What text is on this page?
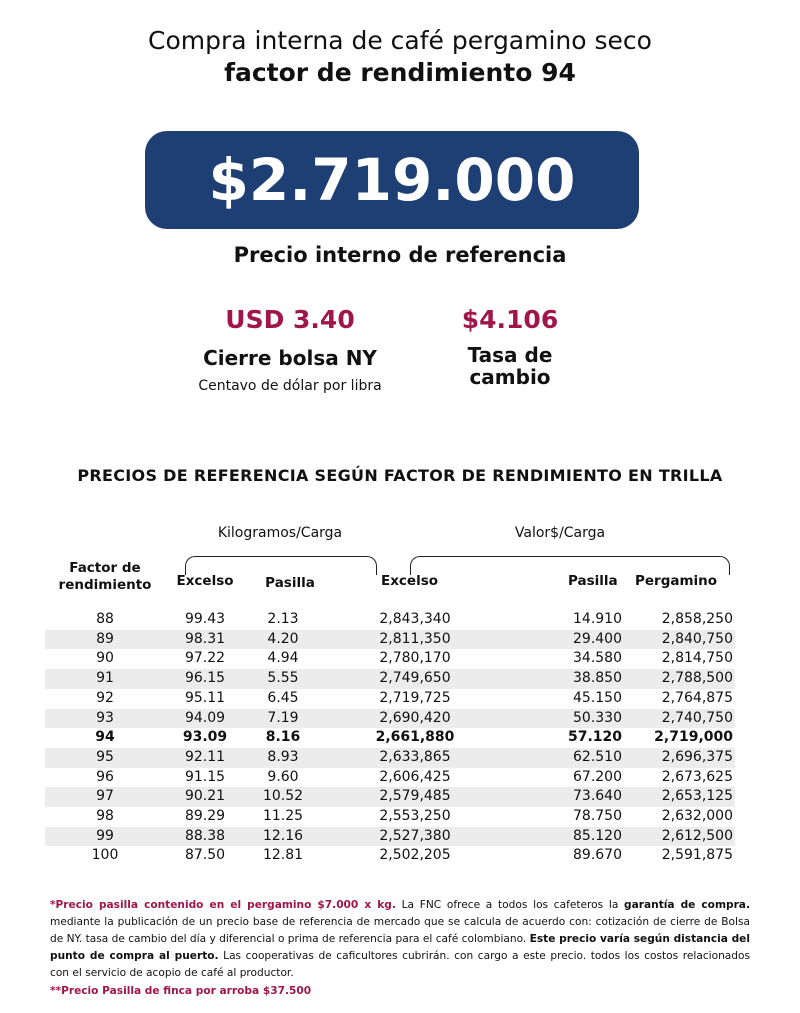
Compra interna de café pergamino seco
factor de rendimiento 94
$2.719.000
Precio interno de referencia
USD 3.40
Cierre bolsa NY
Centavo de dólar por libra
$4.106
Tasa de
cambio
PRECIOS DE REFERENCIA SEGÚN FACTOR DE RENDIMIENTO EN TRILLA
Kilogramos/Carga	Valor$/Carga
Factor de
rendimiento	Excelso	Pasilla	Excelso	Pasilla Pergamino
88	99.43	2.13	2,843,340	14.910	2,858,250
89	98.31	4.20	2,811,350	29.400	2,840,750
90	97.22	4.94	2,780,170	34.580	2,814,750
91	96.15	5.55	2,749,650	38.850	2,788,500
92	95.11	6.45	2,719,725	45.150	2,764,875
93	94.09	7.19	2,690,420	50.330	2,740,750
94	93.09	8.16	2,661,880	57.120 2,719,000
95	92.11	8.93	2,633,865	62.510	2,696,375
96	91.15	9.60	2,606,425	67.200	2,673,625
97	90.21	10.52	2,579,485	73.640	2,653,125
98	89.29	11.25	2,553,250	78.750	2,632,000
99	88.38	12.16	2,527,380	85.120	2,612,500
100	87.50	12.81	2,502,205	89.670	2,591,875
*Precio pasilla contenido en el pergamino $7.000 x kg. La FNC ofrece a todos los cafeteros la garantía de compra. mediante la publicación de un precio base de referencia de mercado que se calcula de acuerdo con: cotización de cierre de Bolsa de NY. tasa de cambio del día y diferencial o prima de referencia para el café colombiano. Este precio varía según distancia del punto de compra al puerto. Las cooperativas de caficultores cubrirán. con cargo a este precio. todos los costos relacionados con el servicio de acopio de café al productor.
**Precio Pasilla de finca por arroba $37.500
